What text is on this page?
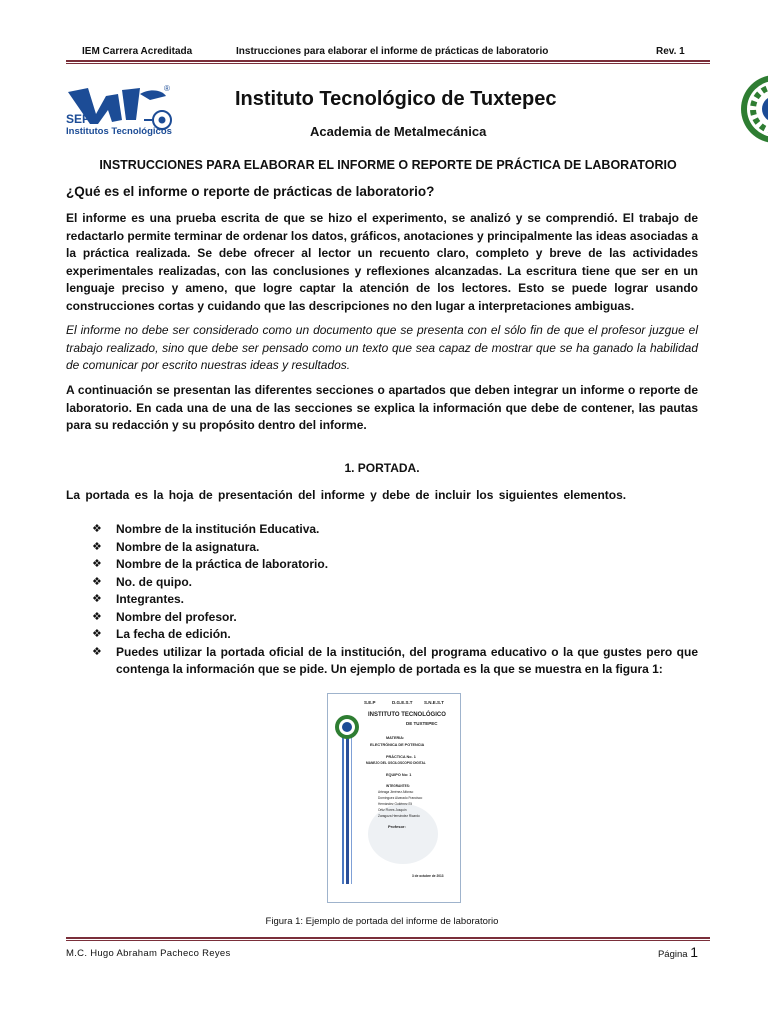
IEM Carrera Acreditada	Instrucciones para elaborar el informe de prácticas de laboratorio	Rev. 1
SEP
Institutos Tecnológicos
®	Instituto Tecnológico de Tuxtepec
Academia de Metalmecánica
INSTRUCCIONES PARA ELABORAR EL INFORME O REPORTE DE PRÁCTICA DE LABORATORIO
¿Qué es el informe o reporte de prácticas de laboratorio?
El informe es una prueba escrita de que se hizo el experimento, se analizó y se comprendió. El trabajo de redactarlo permite terminar de ordenar los datos, gráficos, anotaciones y principalmente las ideas asociadas a la práctica realizada. Se debe ofrecer al lector un recuento claro, completo y breve de las actividades experimentales realizadas, con las conclusiones y reflexiones alcanzadas. La escritura tiene que ser en un lenguaje preciso y ameno, que logre captar la atención de los lectores. Esto se puede lograr usando construcciones cortas y cuidando que las descripciones no den lugar a interpretaciones ambiguas.
El informe no debe ser considerado como un documento que se presenta con el sólo fin de que el profesor juzgue el trabajo realizado, sino que debe ser pensado como un texto que sea capaz de mostrar que se ha ganado la habilidad de comunicar por escrito nuestras ideas y resultados.
A continuación se presentan las diferentes secciones o apartados que deben integrar un informe o reporte de laboratorio. En cada una de una de las secciones se explica la información que debe de contener, las pautas para su redacción y su propósito dentro del informe.
1. PORTADA.
La portada es la hoja de presentación del informe y debe de incluir los siguientes elementos.
❖ Nombre de la institución Educativa.
❖ Nombre de la asignatura.
❖ Nombre de la práctica de laboratorio.
❖ No. de quipo.
❖ Integrantes.
❖ Nombre del profesor.
❖ La fecha de edición.
❖ Puedes utilizar la portada oficial de la institución, del programa educativo o la que gustes pero que contenga la información que se pide. Un ejemplo de portada es la que se muestra en la figura 1:
S.E.P	D.G.E.S.T	S.N.E.S.T
INSTITUTO TECNOLÓGICO
DE TUXTEPEC
MATERIA:
ELECTRÓNICA DE POTENCIA
PRÁCTICA No. 1
MANEJO DEL OSCILOSCOPIO DIGITAL
EQUIPO No: 1
INTEGRANTES:
Arteaga Jiménez Alfonso
Domínguez Alvarado Francisco
Hernández Gutiérrez Eli
Ortiz Flores Josquín
Zaragoza Hernández Ricardo
Profesor:
3 de octubre de 2013
Figura 1: Ejemplo de portada del informe de laboratorio
M.C. Hugo Abraham Pacheco Reyes	Página 1
